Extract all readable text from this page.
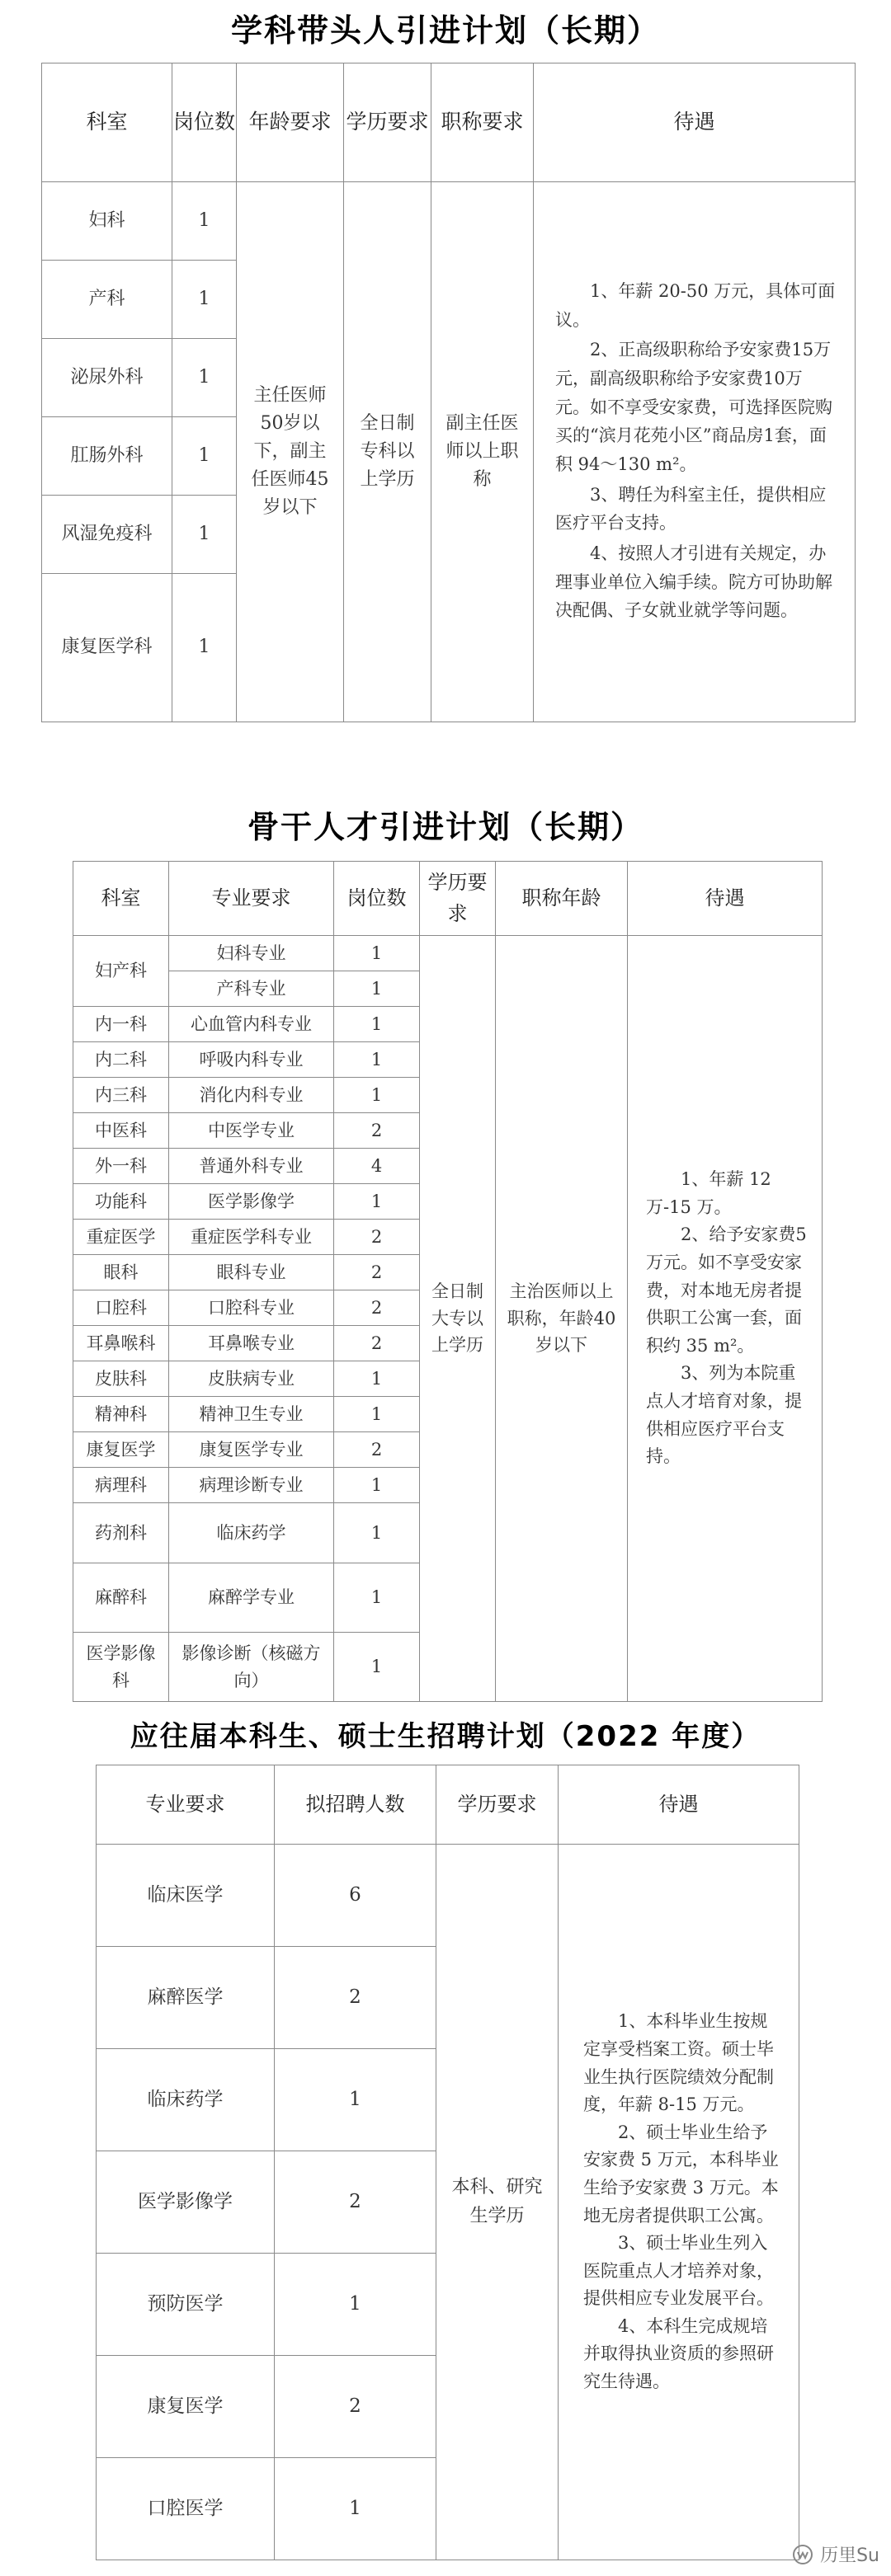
学科带头人引进计划（长期）
科室	岗位数	年龄要求	学历要求	职称要求	待遇
妇科	1	主任医师50岁以下，副主任医师45岁以下	全日制专科以上学历	副主任医师以上职称	1、年薪 20-50 万元，具体可面议。

2、正高级职称给予安家费15万元，副高级职称给予安家费10万元。如不享受安家费，可选择医院购买的“滨月花苑小区”商品房1套，面积 94～130 m²。

3、聘任为科室主任，提供相应医疗平台支持。

4、按照人才引进有关规定，办理事业单位入编手续。院方可协助解决配偶、子女就业就学等问题。

产科	1				
泌尿外科	1				
肛肠外科	1				
风湿免疫科	1				
康复医学科	1				
骨干人才引进计划（长期）
科室	专业要求	岗位数	学历要求	职称年龄	待遇
妇产科	妇科专业	1	全日制大专以上学历	主治医师以上职称，年龄40岁以下	1、年薪 12 万-15 万。

2、给予安家费5万元。如不享受安家费，对本地无房者提供职工公寓一套，面积约 35 m²。

3、列为本院重点人才培育对象，提供相应医疗平台支持。

	产科专业	1			
内一科	心血管内科专业	1			
内二科	呼吸内科专业	1			
内三科	消化内科专业	1			
中医科	中医学专业	2			
外一科	普通外科专业	4			
功能科	医学影像学	1			
重症医学	重症医学科专业	2			
眼科	眼科专业	2			
口腔科	口腔科专业	2			
耳鼻喉科	耳鼻喉专业	2			
皮肤科	皮肤病专业	1			
精神科	精神卫生专业	1			
康复医学	康复医学专业	2			
病理科	病理诊断专业	1			
药剂科	临床药学	1			
麻醉科	麻醉学专业	1			
医学影像科	影像诊断（核磁方向）	1			
应往届本科生、硕士生招聘计划（2022 年度）
专业要求	拟招聘人数	学历要求	待遇
临床医学	6	本科、研究生学历	1、本科毕业生按规定享受档案工资。硕士毕业生执行医院绩效分配制度，年薪 8-15 万元。

2、硕士毕业生给予安家费 5 万元，本科毕业生给予安家费 3 万元。本地无房者提供职工公寓。

3、硕士毕业生列入医院重点人才培养对象，提供相应专业发展平台。

4、本科生完成规培并取得执业资质的参照研究生待遇。

麻醉医学	2		
临床药学	1		
医学影像学	2		
预防医学	1		
康复医学	2		
口腔医学	1		
历里Su
